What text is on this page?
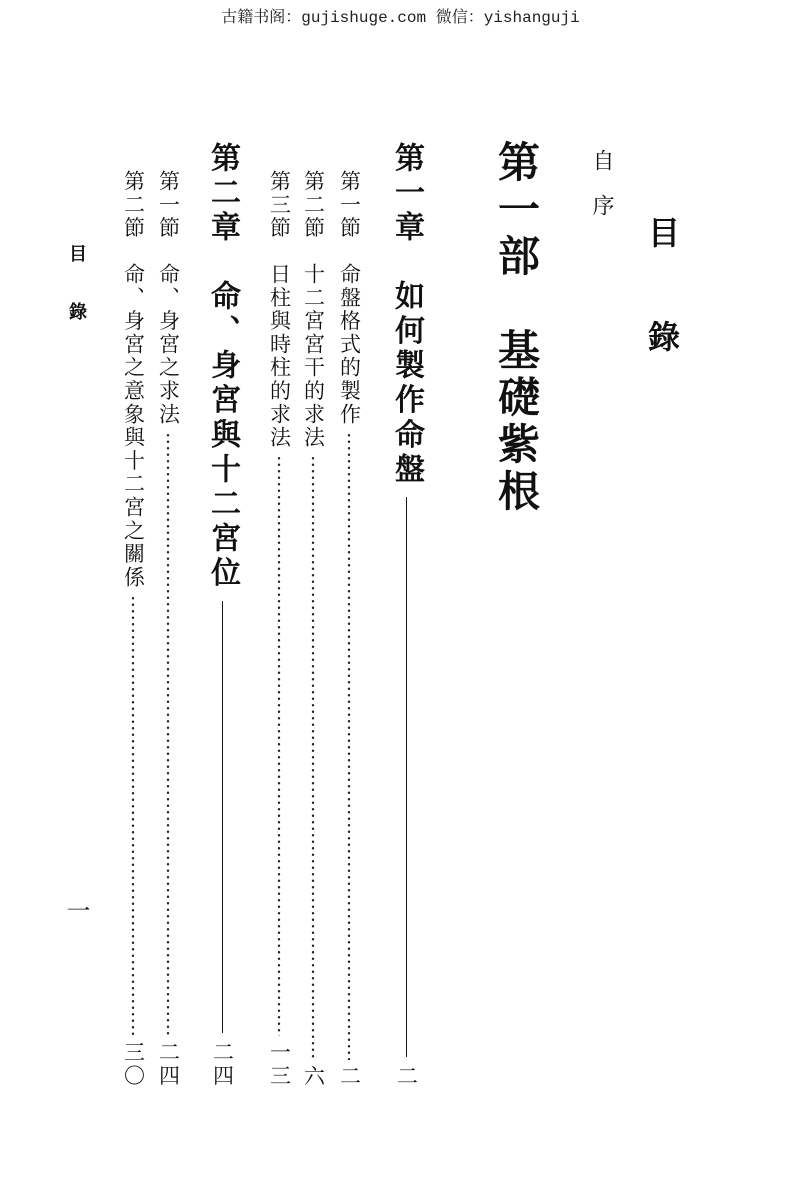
古籍书阁：gujishuge.com 微信：yishanguji
目錄
自序
第一部
基礎紫根
第一章
如何製作命盤
二
第一節
命盤格式的製作
二
第二節
十二宮宮干的求法
六
第三節
日柱與時柱的求法
一三
第二章
命、身宮與十二宮位
二四
第一節
命、身宮之求法
二四
第二節
命、身宮之意象與十二宮之關係
三〇
目錄
一
